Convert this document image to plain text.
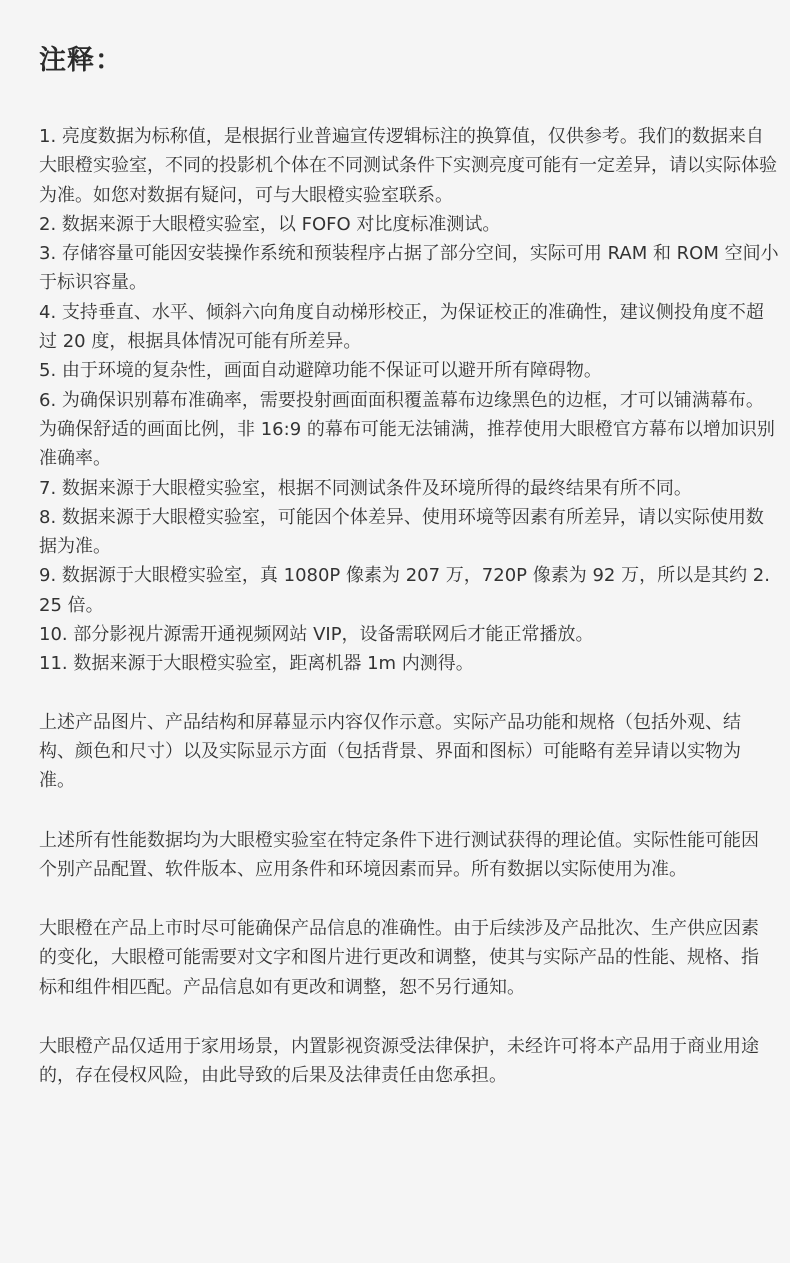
注释：

1. 亮度数据为标称值，是根据行业普遍宣传逻辑标注的换算值，仅供参考。我们的数据来自大眼橙实验室，不同的投影机个体在不同测试条件下实测亮度可能有一定差异，请以实际体验为准。如您对数据有疑问，可与大眼橙实验室联系。

2. 数据来源于大眼橙实验室，以 FOFO 对比度标准测试。

3. 存储容量可能因安装操作系统和预装程序占据了部分空间，实际可用 RAM 和 ROM 空间小于标识容量。

4. 支持垂直、水平、倾斜六向角度自动梯形校正，为保证校正的准确性，建议侧投角度不超过 20 度，根据具体情况可能有所差异。

5. 由于环境的复杂性，画面自动避障功能不保证可以避开所有障碍物。

6. 为确保识别幕布准确率，需要投射画面面积覆盖幕布边缘黑色的边框，才可以铺满幕布。为确保舒适的画面比例，非 16:9 的幕布可能无法铺满，推荐使用大眼橙官方幕布以增加识别准确率。

7. 数据来源于大眼橙实验室，根据不同测试条件及环境所得的最终结果有所不同。

8. 数据来源于大眼橙实验室，可能因个体差异、使用环境等因素有所差异，请以实际使用数据为准。

9. 数据源于大眼橙实验室，真 1080P 像素为 207 万，720P 像素为 92 万，所以是其约 2.25 倍。

10. 部分影视片源需开通视频网站 VIP，设备需联网后才能正常播放。

11. 数据来源于大眼橙实验室，距离机器 1m 内测得。

上述产品图片、产品结构和屏幕显示内容仅作示意。实际产品功能和规格（包括外观、结构、颜色和尺寸）以及实际显示方面（包括背景、界面和图标）可能略有差异请以实物为准。

上述所有性能数据均为大眼橙实验室在特定条件下进行测试获得的理论值。实际性能可能因个别产品配置、软件版本、应用条件和环境因素而异。所有数据以实际使用为准。

大眼橙在产品上市时尽可能确保产品信息的准确性。由于后续涉及产品批次、生产供应因素的变化，大眼橙可能需要对文字和图片进行更改和调整，使其与实际产品的性能、规格、指标和组件相匹配。产品信息如有更改和调整，恕不另行通知。

大眼橙产品仅适用于家用场景，内置影视资源受法律保护，未经许可将本产品用于商业用途的，存在侵权风险，由此导致的后果及法律责任由您承担。
